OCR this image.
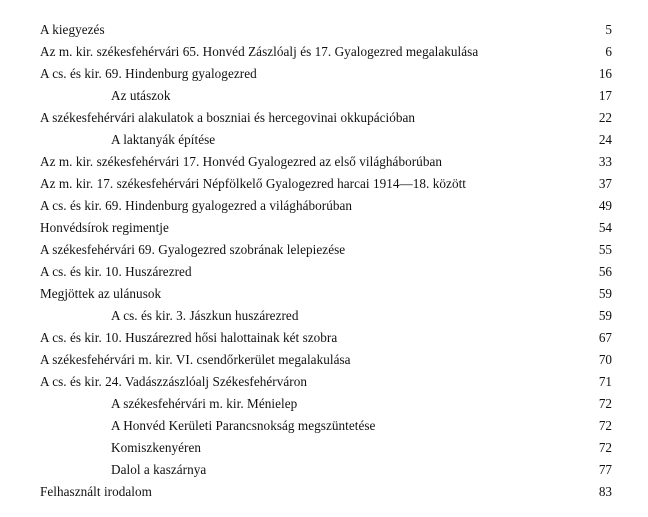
A kiegyezés	5
Az m. kir. székesfehérvári 65. Honvéd Zászlóalj és 17. Gyalogezred megalakulása	6
A cs. és kir. 69. Hindenburg gyalogezred	16
Az utászok	17
A székesfehérvári alakulatok a boszniai és hercegovinai okkupációban	22
A laktanyák építése	24
Az m. kir. székesfehérvári 17. Honvéd Gyalogezred az első világháborúban	33
Az m. kir. 17. székesfehérvári Népfölkelő Gyalogezred harcai 1914—18. között	37
A cs. és kir. 69. Hindenburg gyalogezred a világháborúban	49
Honvédsírok regimentje	54
A székesfehérvári 69. Gyalogezred szobrának lelepiezése	55
A cs. és kir. 10. Huszárezred	56
Megjöttek az ulánusok	59
A cs. és kir. 3. Jászkun huszárezred	59
A cs. és kir. 10. Huszárezred hősi halottainak két szobra	67
A székesfehérvári m. kir. VI. csendőrkerület megalakulása	70
A cs. és kir. 24. Vadászzászlóalj Székesfehérváron	71
A székesfehérvári m. kir. Ménielep	72
A Honvéd Kerületi Parancsnokság megszüntetése	72
Komiszkenyéren	72
Dalol a kaszárnya	77
Felhasznált irodalom	83
